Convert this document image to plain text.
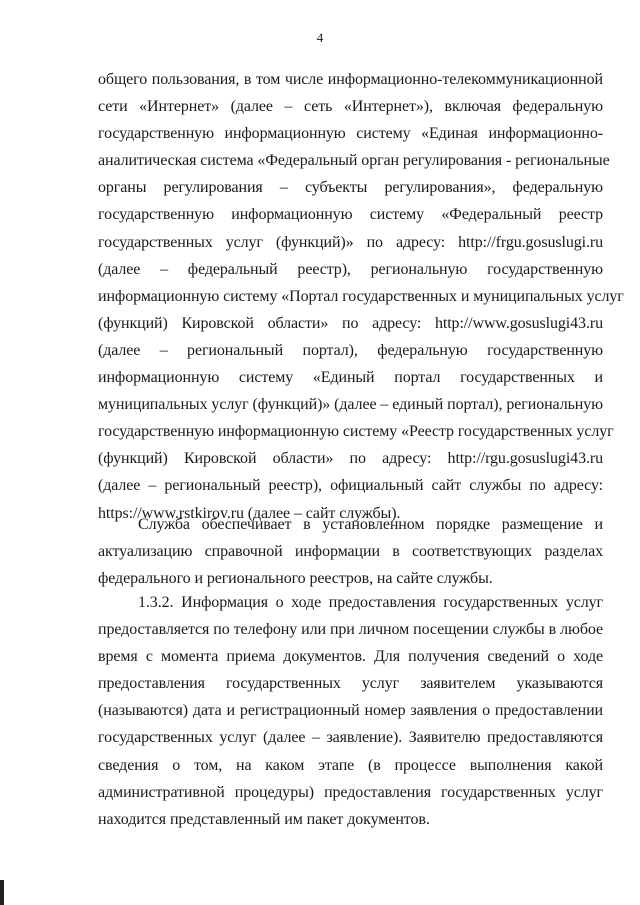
4
общего пользования, в том числе информационно-телекоммуникационной
сети «Интернет» (далее – сеть «Интернет»), включая федеральную
государственную информационную систему «Единая информационно-
аналитическая система «Федеральный орган регулирования - региональные
органы регулирования – субъекты регулирования», федеральную
государственную информационную систему «Федеральный реестр
государственных услуг (функций)» по адресу: http://frgu.gosuslugi.ru
(далее – федеральный реестр), региональную государственную
информационную систему «Портал государственных и муниципальных услуг
(функций) Кировской области» по адресу: http://www.gosuslugi43.ru
(далее – региональный портал), федеральную государственную
информационную систему «Единый портал государственных и
муниципальных услуг (функций)» (далее – единый портал), региональную
государственную информационную систему «Реестр государственных услуг
(функций) Кировской области» по адресу: http://rgu.gosuslugi43.ru
(далее – региональный реестр), официальный сайт службы по адресу:
https://www.rstkirov.ru (далее – сайт службы).
Служба обеспечивает в установленном порядке размещение и
актуализацию справочной информации в соответствующих разделах
федерального и регионального реестров, на сайте службы.
1.3.2. Информация о ходе предоставления государственных услуг
предоставляется по телефону или при личном посещении службы в любое
время с момента приема документов. Для получения сведений о ходе
предоставления государственных услуг заявителем указываются
(называются) дата и регистрационный номер заявления о предоставлении
государственных услуг (далее – заявление). Заявителю предоставляются
сведения о том, на каком этапе (в процессе выполнения какой
административной процедуры) предоставления государственных услуг
находится представленный им пакет документов.
